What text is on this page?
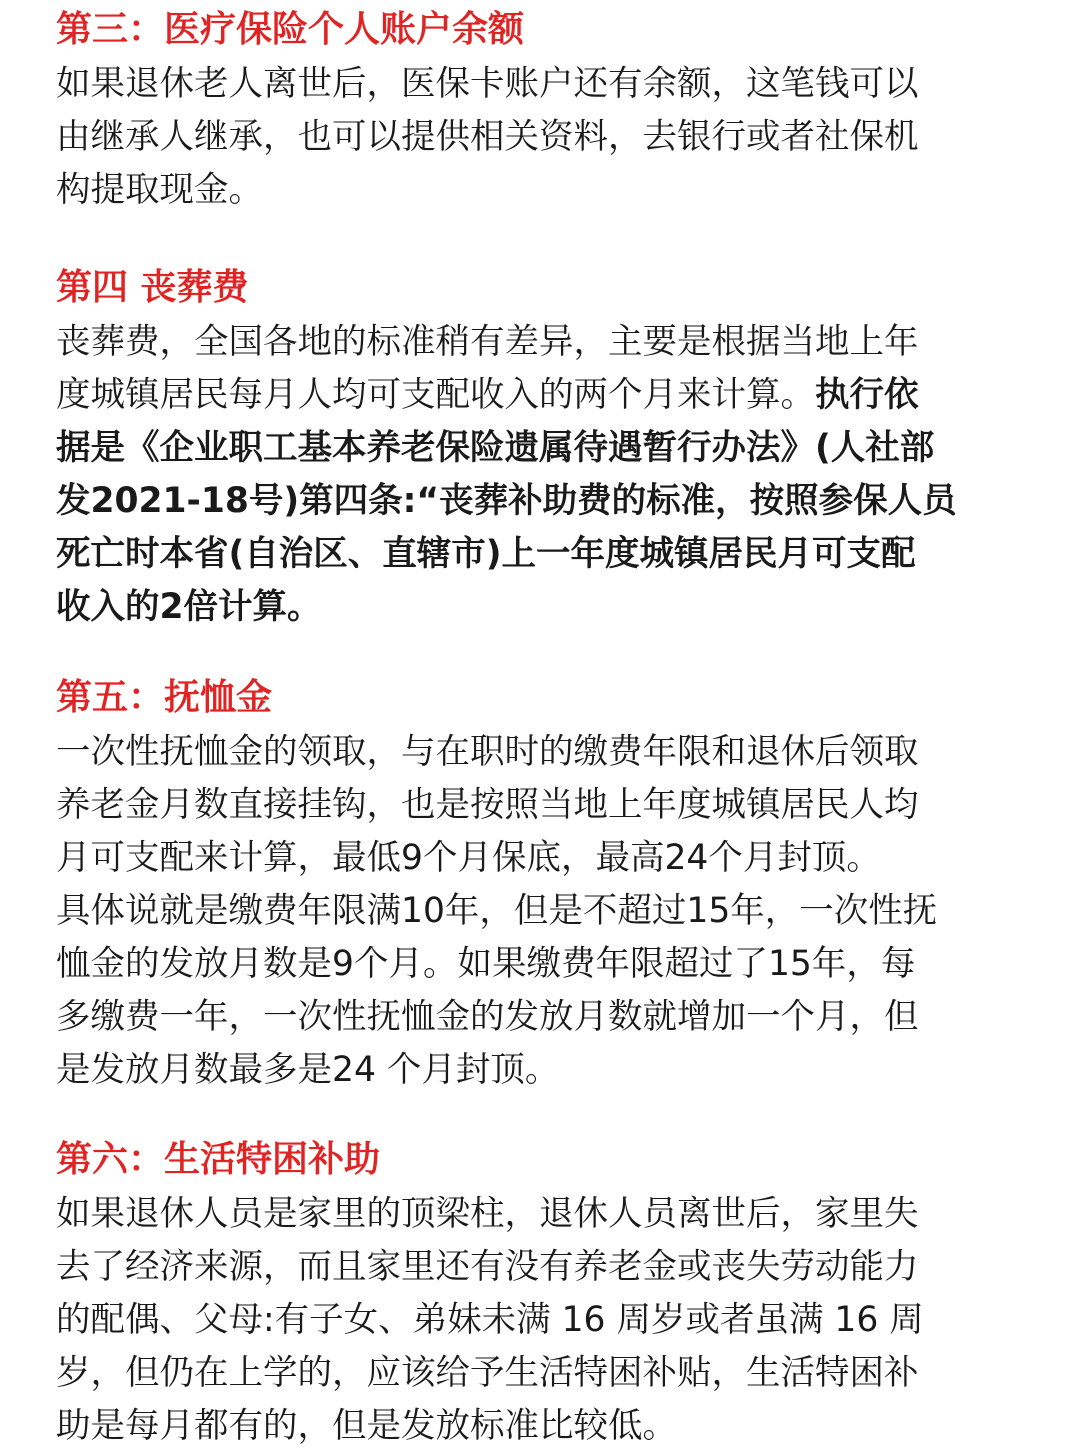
第三：医疗保险个人账户余额
如果退休老人离世后，医保卡账户还有余额，这笔钱可以
由继承人继承，也可以提供相关资料，去银行或者社保机
构提取现金。
第四 丧葬费
丧葬费，全国各地的标准稍有差异，主要是根据当地上年
度城镇居民每月人均可支配收入的两个月来计算。执行依
据是《企业职工基本养老保险遗属待遇暂行办法》(人社部
发2021-18号)第四条:“丧葬补助费的标准，按照参保人员
死亡时本省(自治区、直辖市)上一年度城镇居民月可支配
收入的2倍计算。
第五：抚恤金
一次性抚恤金的领取，与在职时的缴费年限和退休后领取
养老金月数直接挂钩，也是按照当地上年度城镇居民人均
月可支配来计算，最低9个月保底，最高24个月封顶。
具体说就是缴费年限满10年，但是不超过15年，一次性抚
恤金的发放月数是9个月。如果缴费年限超过了15年，每
多缴费一年，一次性抚恤金的发放月数就增加一个月，但
是发放月数最多是24 个月封顶。
第六：生活特困补助
如果退休人员是家里的顶梁柱，退休人员离世后，家里失
去了经济来源，而且家里还有没有养老金或丧失劳动能力
的配偶、父母:有子女、弟妹未满 16 周岁或者虽满 16 周
岁，但仍在上学的，应该给予生活特困补贴，生活特困补
助是每月都有的，但是发放标准比较低。
